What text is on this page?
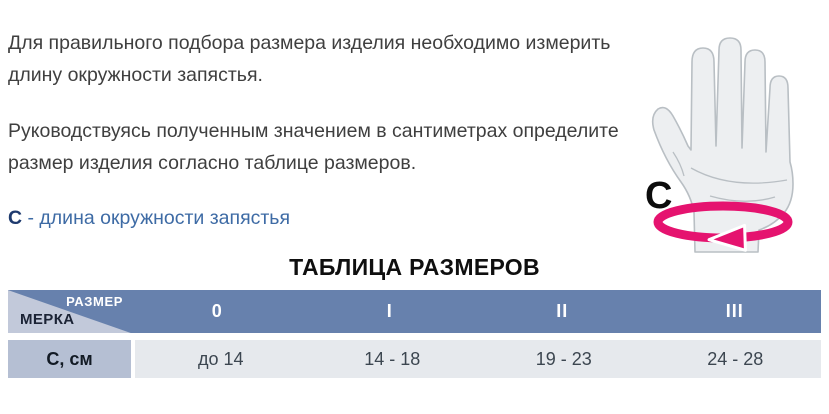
Для правильного подбора размера изделия необходимо измерить длину окружности запястья.

Руководствуясь полученным значением в сантиметрах определите размер изделия согласно таблице размеров.

С - длина окружности запястья
C
ТАБЛИЦА РАЗМЕРОВ
РАЗМЕР
МЕРКА	0	I	II	III
С, см	до 14	14 - 18	19 - 23	24 - 28
